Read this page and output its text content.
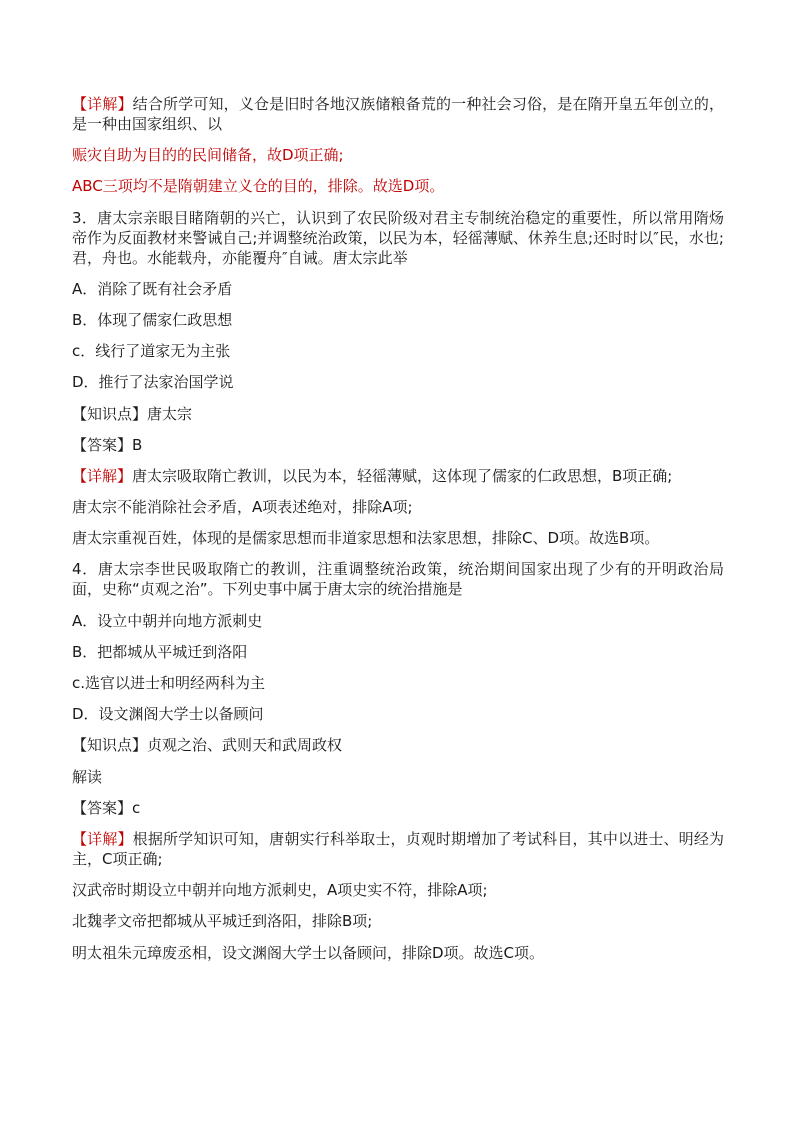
【详解】结合所学可知，义仓是旧时各地汉族储粮备荒的一种社会习俗，是在隋开皇五年创立的，是一种由国家组织、以
赈灾自助为目的的民间储备，故D项正确;
ABC三项均不是隋朝建立义仓的目的，排除。故选D项。
3．唐太宗亲眼目睹隋朝的兴亡，认识到了农民阶级对君主专制统治稳定的重要性，所以常用隋炀帝作为反面教材来警诫自己;并调整统治政策，以民为本，轻徭薄赋、休养生息;还时时以″民，水也;君，舟也。水能载舟，亦能覆舟″自诫。唐太宗此举
A．消除了既有社会矛盾
B．体现了儒家仁政思想
c．线行了道家无为主张
D．推行了法家治国学说
【知识点】唐太宗
【答案】B
【详解】唐太宗吸取隋亡教训，以民为本，轻徭薄赋，这体现了儒家的仁政思想，B项正确;
唐太宗不能消除社会矛盾，A项表述绝对，排除A项;
唐太宗重视百姓，体现的是儒家思想而非道家思想和法家思想，排除C、D项。故选B项。
4．唐太宗李世民吸取隋亡的教训，注重调整统治政策，统治期间国家出现了少有的开明政治局面，史称“贞观之治”。下列史事中属于唐太宗的统治措施是
A．设立中朝并向地方派刺史
B．把都城从平城迁到洛阳
c.选官以进士和明经两科为主
D．设文渊阁大学士以备顾问
【知识点】贞观之治、武则天和武周政权
解读
【答案】c
【详解】根据所学知识可知，唐朝实行科举取士，贞观时期增加了考试科目，其中以进士、明经为主，C项正确;
汉武帝时期设立中朝并向地方派刺史，A项史实不符，排除A项;
北魏孝文帝把都城从平城迁到洛阳，排除B项;
明太祖朱元璋废丞相，设文渊阁大学士以备顾问，排除D项。故选C项。
